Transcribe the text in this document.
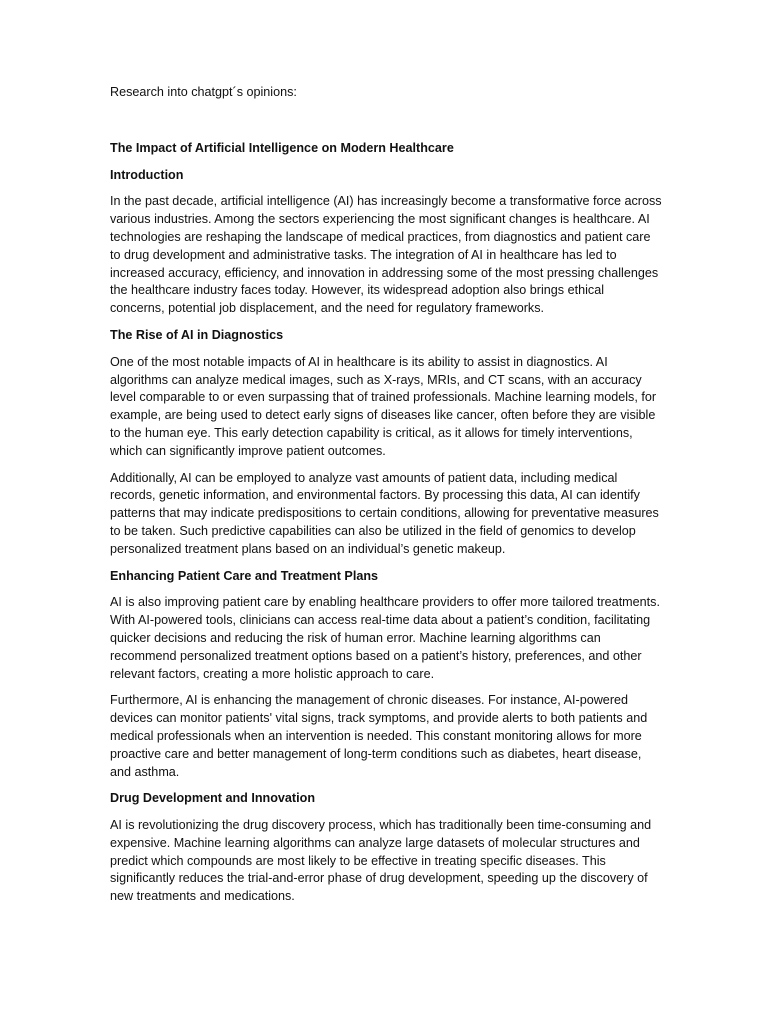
Research into chatgpt´s opinions:

The Impact of Artificial Intelligence on Modern Healthcare

Introduction

In the past decade, artificial intelligence (AI) has increasingly become a transformative force across various industries. Among the sectors experiencing the most significant changes is healthcare. AI technologies are reshaping the landscape of medical practices, from diagnostics and patient care to drug development and administrative tasks. The integration of AI in healthcare has led to increased accuracy, efficiency, and innovation in addressing some of the most pressing challenges the healthcare industry faces today. However, its widespread adoption also brings ethical concerns, potential job displacement, and the need for regulatory frameworks.

The Rise of AI in Diagnostics

One of the most notable impacts of AI in healthcare is its ability to assist in diagnostics. AI algorithms can analyze medical images, such as X-rays, MRIs, and CT scans, with an accuracy level comparable to or even surpassing that of trained professionals. Machine learning models, for example, are being used to detect early signs of diseases like cancer, often before they are visible to the human eye. This early detection capability is critical, as it allows for timely interventions, which can significantly improve patient outcomes.

Additionally, AI can be employed to analyze vast amounts of patient data, including medical records, genetic information, and environmental factors. By processing this data, AI can identify patterns that may indicate predispositions to certain conditions, allowing for preventative measures to be taken. Such predictive capabilities can also be utilized in the field of genomics to develop personalized treatment plans based on an individual’s genetic makeup.

Enhancing Patient Care and Treatment Plans

AI is also improving patient care by enabling healthcare providers to offer more tailored treatments. With AI-powered tools, clinicians can access real-time data about a patient’s condition, facilitating quicker decisions and reducing the risk of human error. Machine learning algorithms can recommend personalized treatment options based on a patient’s history, preferences, and other relevant factors, creating a more holistic approach to care.

Furthermore, AI is enhancing the management of chronic diseases. For instance, AI-powered devices can monitor patients' vital signs, track symptoms, and provide alerts to both patients and medical professionals when an intervention is needed. This constant monitoring allows for more proactive care and better management of long-term conditions such as diabetes, heart disease, and asthma.

Drug Development and Innovation

AI is revolutionizing the drug discovery process, which has traditionally been time-consuming and expensive. Machine learning algorithms can analyze large datasets of molecular structures and predict which compounds are most likely to be effective in treating specific diseases. This significantly reduces the trial-and-error phase of drug development, speeding up the discovery of new treatments and medications.
